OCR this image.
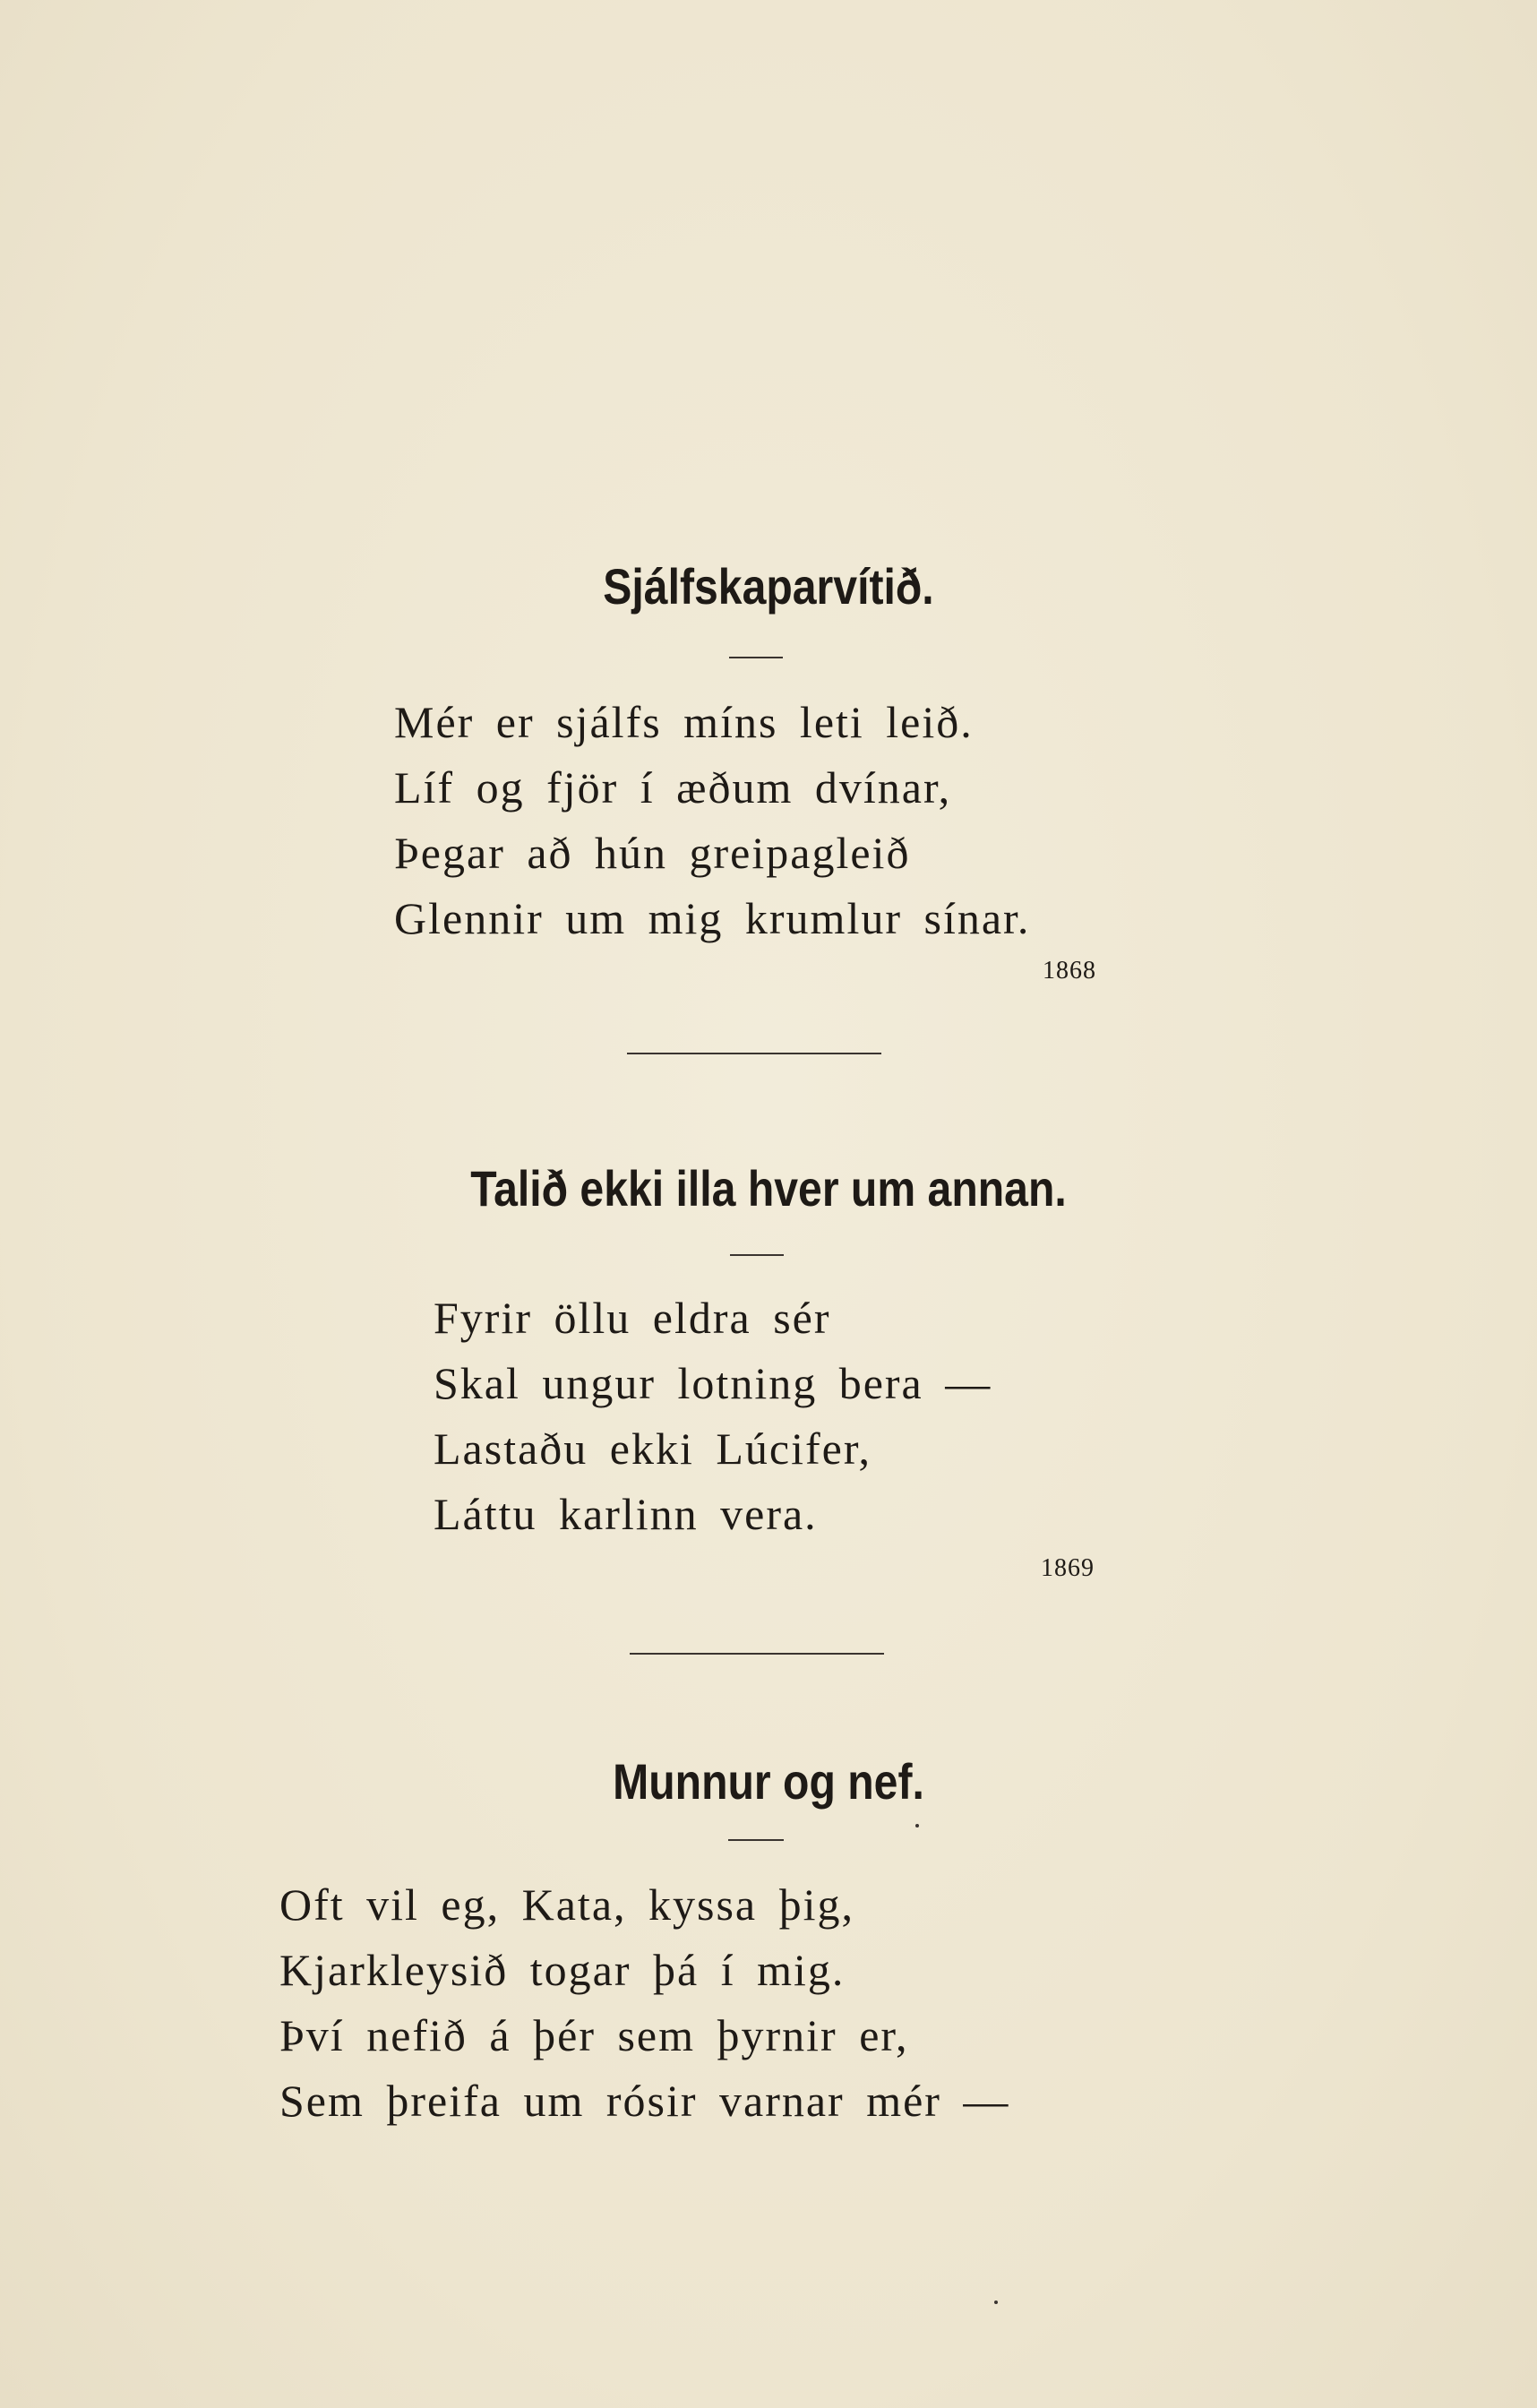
Sjálfskaparvítið.
Mér er sjálfs míns leti leið.
Líf og fjör í æðum dvínar,
Þegar að hún greipagleið
Glennir um mig krumlur sínar.
1868
Talið ekki illa hver um annan.
Fyrir öllu eldra sér
Skal ungur lotning bera —
Lastaðu ekki Lúcifer,
Láttu karlinn vera.
1869
Munnur og nef.
Oft vil eg, Kata, kyssa þig,
Kjarkleysið togar þá í mig.
Því nefið á þér sem þyrnir er,
Sem þreifa um rósir varnar mér —
